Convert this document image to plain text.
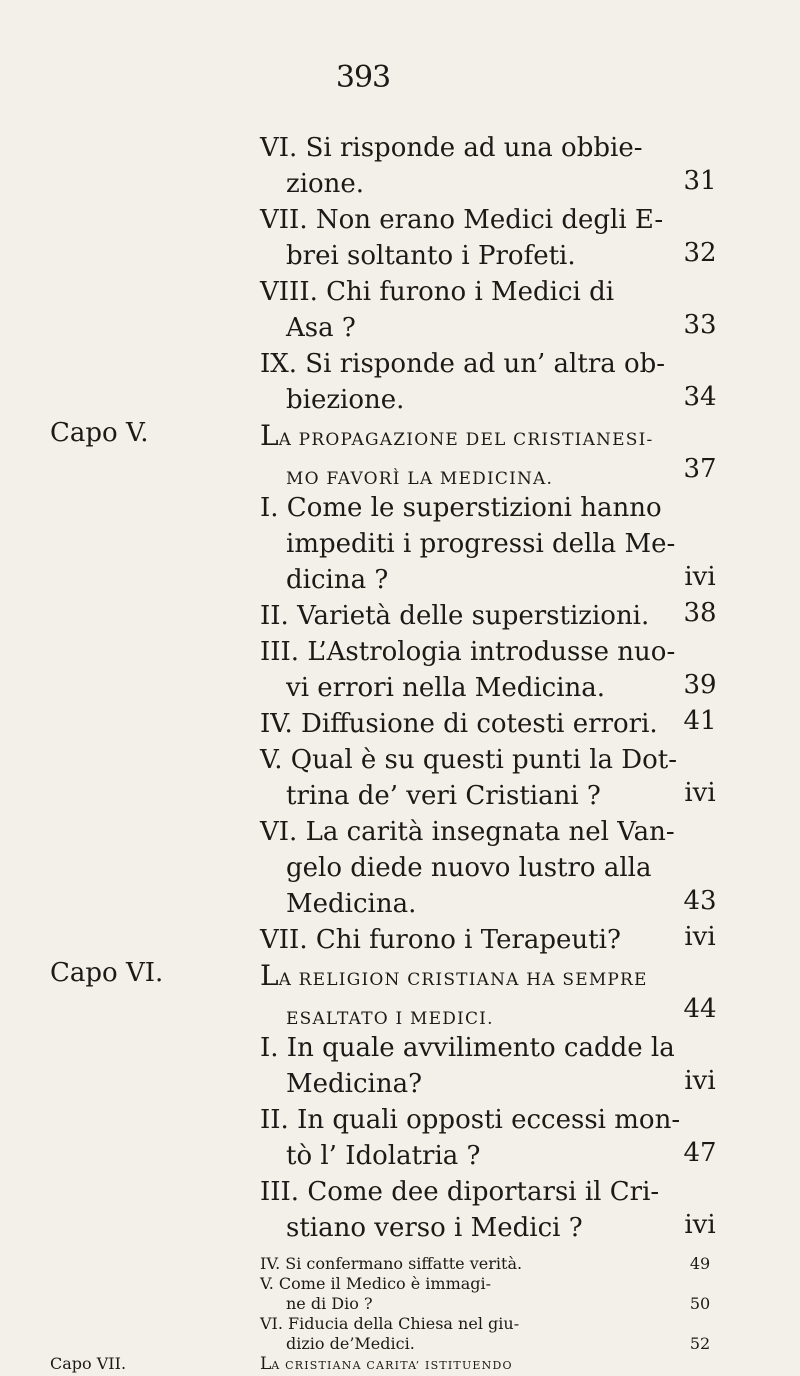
393
VI. Si risponde ad una obbie-
zione.	31
VII. Non erano Medici degli E-
brei soltanto i Profeti.	32
VIII. Chi furono i Medici di
Asa ?	33
IX. Si risponde ad un’ altra ob-
biezione.	34
Capo V.	LA PROPAGAZIONE DEL CRISTIANESI-
MO FAVORÌ LA MEDICINA.	37
I. Come le superstizioni hanno
impediti i progressi della Me-
dicina ?	ivi
II. Varietà delle superstizioni.	38
III. L’Astrologia introdusse nuo-
vi errori nella Medicina.	39
IV. Diffusione di cotesti errori. 41
V. Qual è su questi punti la Dot-
trina de’ veri Cristiani ?	ivi
VI. La carità insegnata nel Van-
gelo diede nuovo lustro alla
Medicina.	43
VII. Chi furono i Terapeuti?	ivi
Capo VI.	LA RELIGION CRISTIANA HA SEMPRE
ESALTATO I MEDICI.	44
I. In quale avvilimento cadde la
Medicina?	ivi
II. In quali opposti eccessi mon-
tò l’ Idolatria ?	47
III. Come dee diportarsi il Cri-
stiano verso i Medici ?	ivi
IV. Si confermano siffatte verità.	49
V. Come il Medico è immagi-
ne di Dio ?	50
VI. Fiducia della Chiesa nel giu-
dizio de’Medici.	52
Capo VII.	LA CRISTIANA CARITA’ ISTITUENDO
